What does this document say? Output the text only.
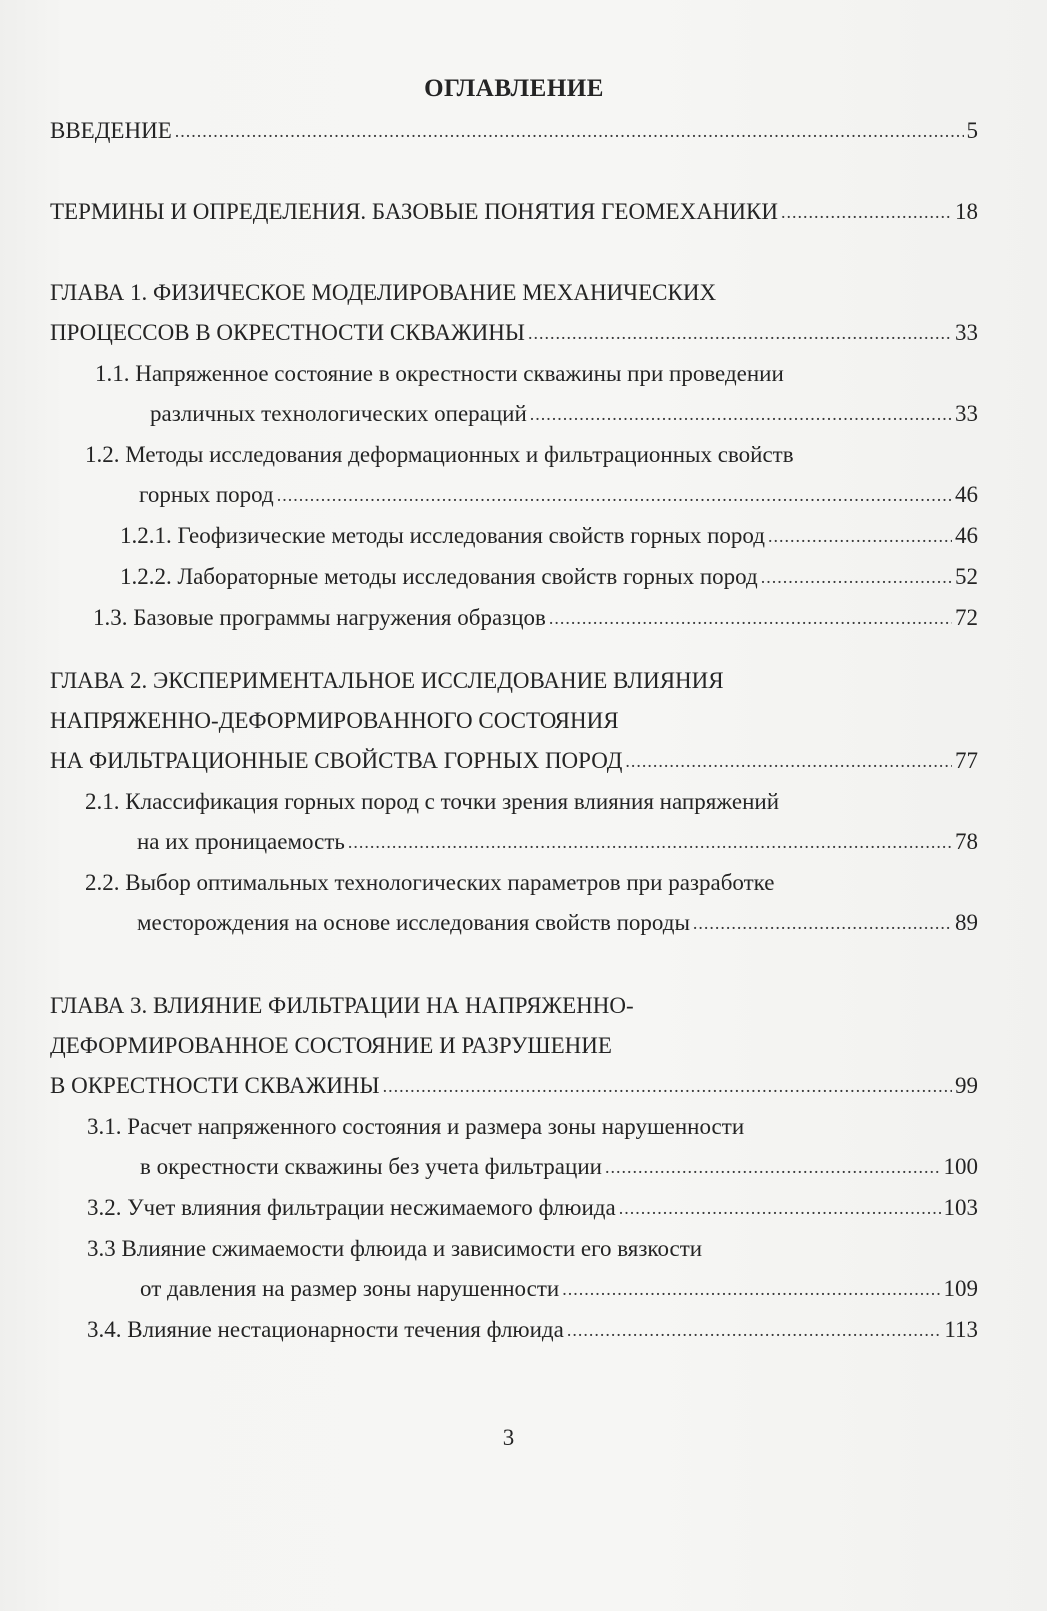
ОГЛАВЛЕНИЕ
ВВЕДЕНИЕ .....	5
ТЕРМИНЫ И ОПРЕДЕЛЕНИЯ. БАЗОВЫЕ ПОНЯТИЯ ГЕОМЕХАНИКИ .....	18
ГЛАВА 1. ФИЗИЧЕСКОЕ МОДЕЛИРОВАНИЕ МЕХАНИЧЕСКИХ
ПРОЦЕССОВ В ОКРЕСТНОСТИ СКВАЖИНЫ .....	33
1.1. Напряженное состояние в окрестности скважины при проведении
различных технологических операций .....	33
1.2. Методы исследования деформационных и фильтрационных свойств
горных пород .....	46
1.2.1. Геофизические методы исследования свойств горных пород .....	46
1.2.2. Лабораторные методы исследования свойств горных пород .....	52
1.3. Базовые программы нагружения образцов .....	72
ГЛАВА 2. ЭКСПЕРИМЕНТАЛЬНОЕ ИССЛЕДОВАНИЕ ВЛИЯНИЯ
НАПРЯЖЕННО-ДЕФОРМИРОВАННОГО СОСТОЯНИЯ
НА ФИЛЬТРАЦИОННЫЕ СВОЙСТВА ГОРНЫХ ПОРОД .....	77
2.1. Классификация горных пород с точки зрения влияния напряжений
на их проницаемость .....	78
2.2. Выбор оптимальных технологических параметров при разработке
месторождения на основе исследования свойств породы .....	89
ГЛАВА 3. ВЛИЯНИЕ ФИЛЬТРАЦИИ НА НАПРЯЖЕННО-
ДЕФОРМИРОВАННОЕ СОСТОЯНИЕ И РАЗРУШЕНИЕ
В ОКРЕСТНОСТИ СКВАЖИНЫ .....	99
3.1. Расчет напряженного состояния и размера зоны нарушенности
в окрестности скважины без учета фильтрации .....	100
3.2. Учет влияния фильтрации несжимаемого флюида .....	103
3.3 Влияние сжимаемости флюида и зависимости его вязкости
от давления на размер зоны нарушенности .....	109
3.4. Влияние нестационарности течения флюида .....	113
3
